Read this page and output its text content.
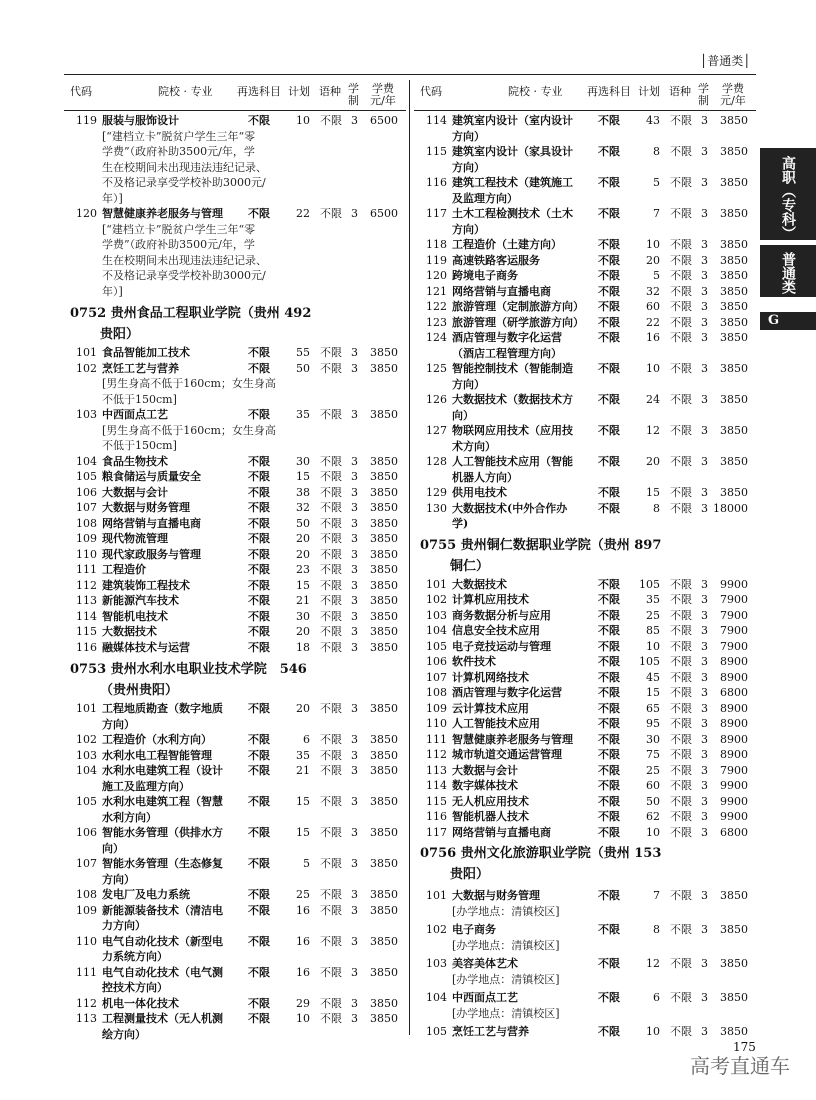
│普通类│
代码	院校 · 专业 再选科目 计划 语种 学制
学费元/年
代码	院校 · 专业 再选科目 计划 语种 学制
学费元/年
高职（专科）
普通类
G
119 服装与服饰设计	不限	10 不限 3	6500
[“建档立卡”脱贫户学生三年“零
学费”（政府补助3500元/年，学
生在校期间未出现违法违纪记录、
不及格记录享受学校补助3000元/
年）]
120 智慧健康养老服务与管理	不限	22 不限 3	6500
[“建档立卡”脱贫户学生三年“零
学费”（政府补助3500元/年，学
生在校期间未出现违法违纪记录、
不及格记录享受学校补助3000元/
年）]
0752 贵州食品工程职业学院（贵州 492
贵阳）
101 食品智能加工技术	不限	55 不限 3	3850
102 烹饪工艺与营养	不限	50 不限 3	3850
[男生身高不低于160cm；女生身高
不低于150cm]
103 中西面点工艺	不限	35 不限 3	3850
[男生身高不低于160cm；女生身高
不低于150cm]
104 食品生物技术	不限	30 不限 3	3850
105 粮食储运与质量安全	不限	15 不限 3	3850
106 大数据与会计	不限	38 不限 3	3850
107 大数据与财务管理	不限	32 不限 3	3850
108 网络营销与直播电商	不限	50 不限 3	3850
109 现代物流管理	不限	20 不限 3	3850
110 现代家政服务与管理	不限	20 不限 3	3850
111 工程造价	不限	23 不限 3	3850
112 建筑装饰工程技术	不限	15 不限 3	3850
113 新能源汽车技术	不限	21 不限 3	3850
114 智能机电技术	不限	30 不限 3	3850
115 大数据技术	不限	20 不限 3	3850
116 融媒体技术与运营	不限	18 不限 3	3850
0753 贵州水利水电职业技术学院　546
（贵州贵阳）
101 工程地质勘查（数字地质
方向）
不限	20 不限 3	3850
102 工程造价（水利方向）	不限	6 不限 3	3850
103 水利水电工程智能管理	不限	35 不限 3	3850
104 水利水电建筑工程（设计
施工及监理方向）
不限	21 不限 3	3850
105 水利水电建筑工程（智慧
水利方向）
不限	15 不限 3	3850
106 智能水务管理（供排水方
向）
不限	15 不限 3	3850
107 智能水务管理（生态修复
方向）
不限	5 不限 3	3850
108 发电厂及电力系统	不限	25 不限 3	3850
109 新能源装备技术（清洁电
力方向）
不限	16 不限 3	3850
110 电气自动化技术（新型电
力系统方向）
不限	16 不限 3	3850
111 电气自动化技术（电气测
控技术方向）
不限	16 不限 3	3850
112 机电一体化技术	不限	29 不限 3	3850
113 工程测量技术（无人机测
绘方向）
不限	10 不限 3	3850
114 建筑室内设计（室内设计
方向）
不限	43 不限 3	3850
115 建筑室内设计（家具设计
方向）
不限	8 不限 3	3850
116 建筑工程技术（建筑施工
及监理方向）
不限	5 不限 3	3850
117 土木工程检测技术（土木
方向）
不限	7 不限 3	3850
118 工程造价（土建方向）	不限	10 不限 3	3850
119 高速铁路客运服务	不限	20 不限 3	3850
120 跨境电子商务	不限	5 不限 3	3850
121 网络营销与直播电商	不限	32 不限 3	3850
122 旅游管理（定制旅游方向）	不限	60 不限 3	3850
123 旅游管理（研学旅游方向）	不限	22 不限 3	3850
124 酒店管理与数字化运营
（酒店工程管理方向）
不限	16 不限 3	3850
125 智能控制技术（智能制造
方向）
不限	10 不限 3	3850
126 大数据技术（数据技术方
向）
不限	24 不限 3	3850
127 物联网应用技术（应用技
术方向）
不限	12 不限 3	3850
128 人工智能技术应用（智能
机器人方向）
不限	20 不限 3	3850
129 供用电技术	不限	15 不限 3	3850
130 大数据技术(中外合作办
学)
不限	8 不限 3 18000
0755 贵州铜仁数据职业学院（贵州 897
铜仁）
101 大数据技术	不限 105 不限 3	9900
102 计算机应用技术	不限	35 不限 3	7900
103 商务数据分析与应用	不限	25 不限 3	7900
104 信息安全技术应用	不限	85 不限 3	7900
105 电子竞技运动与管理	不限	10 不限 3	7900
106 软件技术	不限 105 不限 3	8900
107 计算机网络技术	不限	45 不限 3	8900
108 酒店管理与数字化运营	不限	15 不限 3	6800
109 云计算技术应用	不限	65 不限 3	8900
110 人工智能技术应用	不限	95 不限 3	8900
111 智慧健康养老服务与管理	不限	30 不限 3	8900
112 城市轨道交通运营管理	不限	75 不限 3	8900
113 大数据与会计	不限	25 不限 3	7900
114 数字媒体技术	不限	60 不限 3	9900
115 无人机应用技术	不限	50 不限 3	9900
116 智能机器人技术	不限	62 不限 3	9900
117 网络营销与直播电商	不限	10 不限 3	6800
0756 贵州文化旅游职业学院（贵州 153
贵阳）
101 大数据与财务管理	不限	7 不限 3	3850
[办学地点：清镇校区]
102 电子商务	不限	8 不限 3	3850
[办学地点：清镇校区]
103 美容美体艺术	不限	12 不限 3	3850
[办学地点：清镇校区]
104 中西面点工艺	不限	6 不限 3	3850
[办学地点：清镇校区]
105 烹饪工艺与营养	不限	10 不限 3	3850
175
高考直通车
